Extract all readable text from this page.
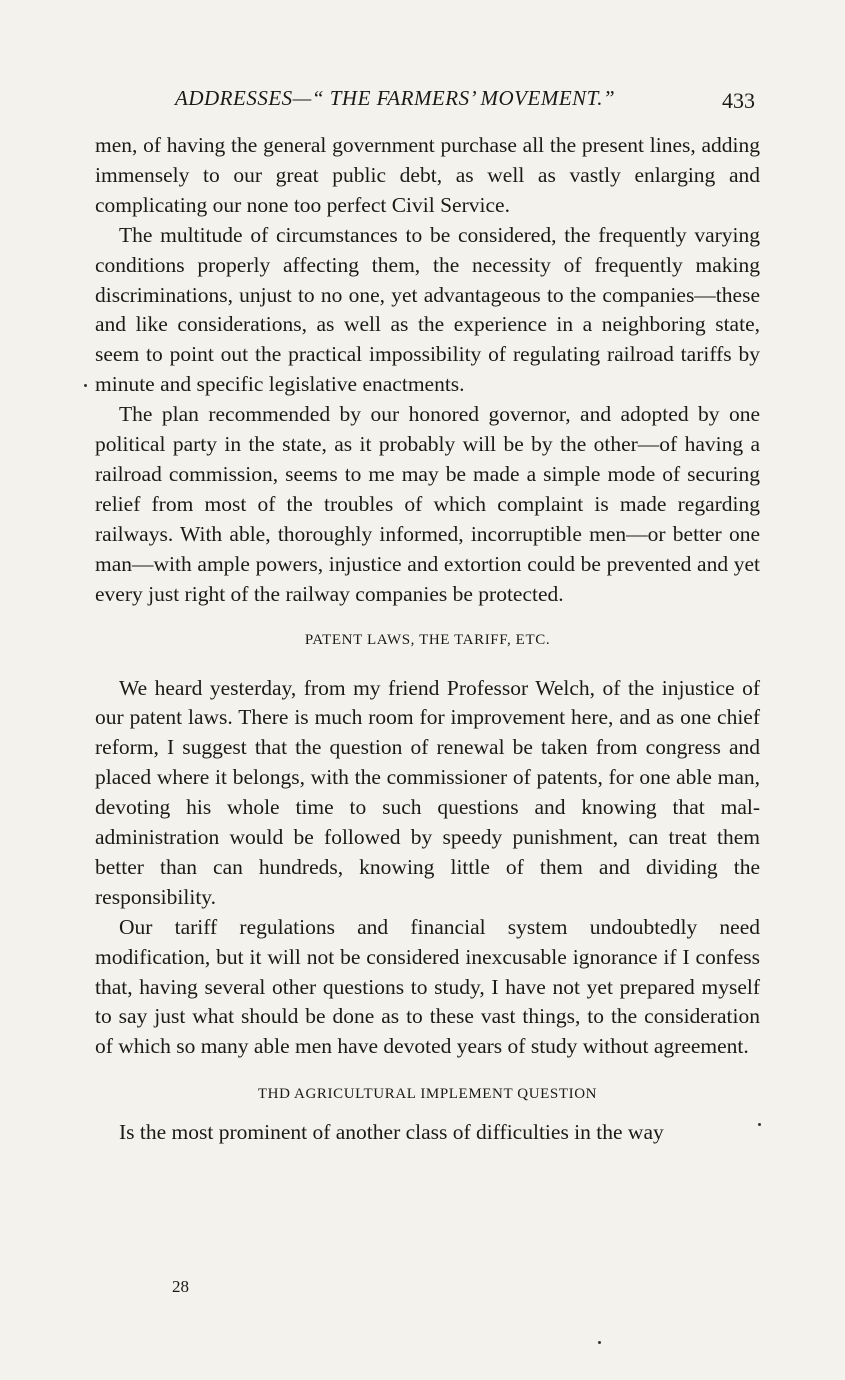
ADDRESSES—“ THE FARMERS’ MOVEMENT.”	433

men, of having the general government purchase all the present lines, adding immensely to our great public debt, as well as vastly enlarging and complicating our none too perfect Civil Service.

The multitude of circumstances to be considered, the frequently varying conditions properly affecting them, the necessity of frequently making discriminations, unjust to no one, yet advantageous to the companies—these and like considerations, as well as the experience in a neighboring state, seem to point out the practical impossibility of regulating railroad tariffs by minute and specific legislative enactments.

The plan recommended by our honored governor, and adopted by one political party in the state, as it probably will be by the other—of having a railroad commission, seems to me may be made a simple mode of securing relief from most of the troubles of which complaint is made regarding railways. With able, thoroughly informed, incorruptible men—or better one man—with ample powers, injustice and extortion could be prevented and yet every just right of the railway companies be protected.

PATENT LAWS, THE TARIFF, ETC.

We heard yesterday, from my friend Professor Welch, of the injustice of our patent laws. There is much room for improvement here, and as one chief reform, I suggest that the question of renewal be taken from congress and placed where it belongs, with the commissioner of patents, for one able man, devoting his whole time to such questions and knowing that mal-administration would be followed by speedy punishment, can treat them better than can hundreds, knowing little of them and dividing the responsibility.

Our tariff regulations and financial system undoubtedly need modification, but it will not be considered inexcusable ignorance if I confess that, having several other questions to study, I have not yet prepared myself to say just what should be done as to these vast things, to the consideration of which so many able men have devoted years of study without agreement.

THD AGRICULTURAL IMPLEMENT QUESTION

Is the most prominent of another class of difficulties in the way

28
